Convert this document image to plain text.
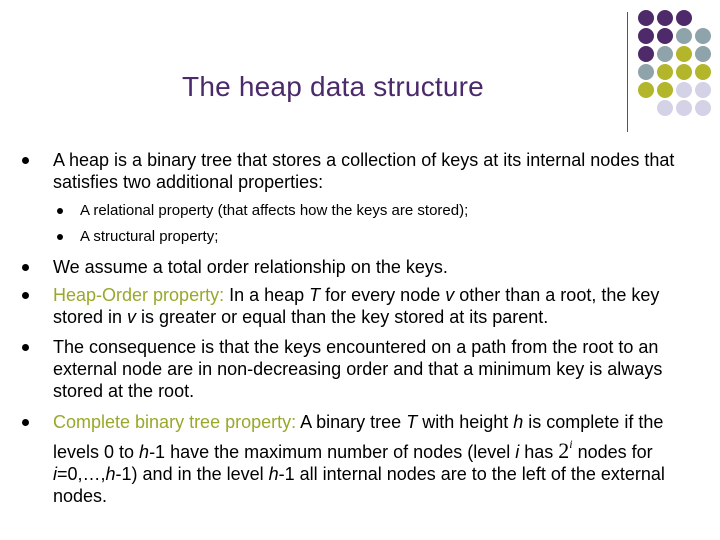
The heap data structure
A heap is a binary tree that stores a collection of keys at its internal nodes that satisfies two additional properties:
A relational property (that affects how the keys are stored);
A structural property;
We assume a total order relationship on the keys.
Heap-Order property: In a heap T for every node v other than a root, the key stored in v is greater or equal than the key stored at its parent.
The consequence is that the keys encountered on a path from the root to an external node are in non-decreasing order and that a minimum key is always stored at the root.
Complete binary tree property: A binary tree T with height h is complete if the levels 0 to h-1 have the maximum number of nodes (level i has 2$^i$ nodes for i=0,…,h-1) and in the level h-1 all internal nodes are to the left of the external nodes.
